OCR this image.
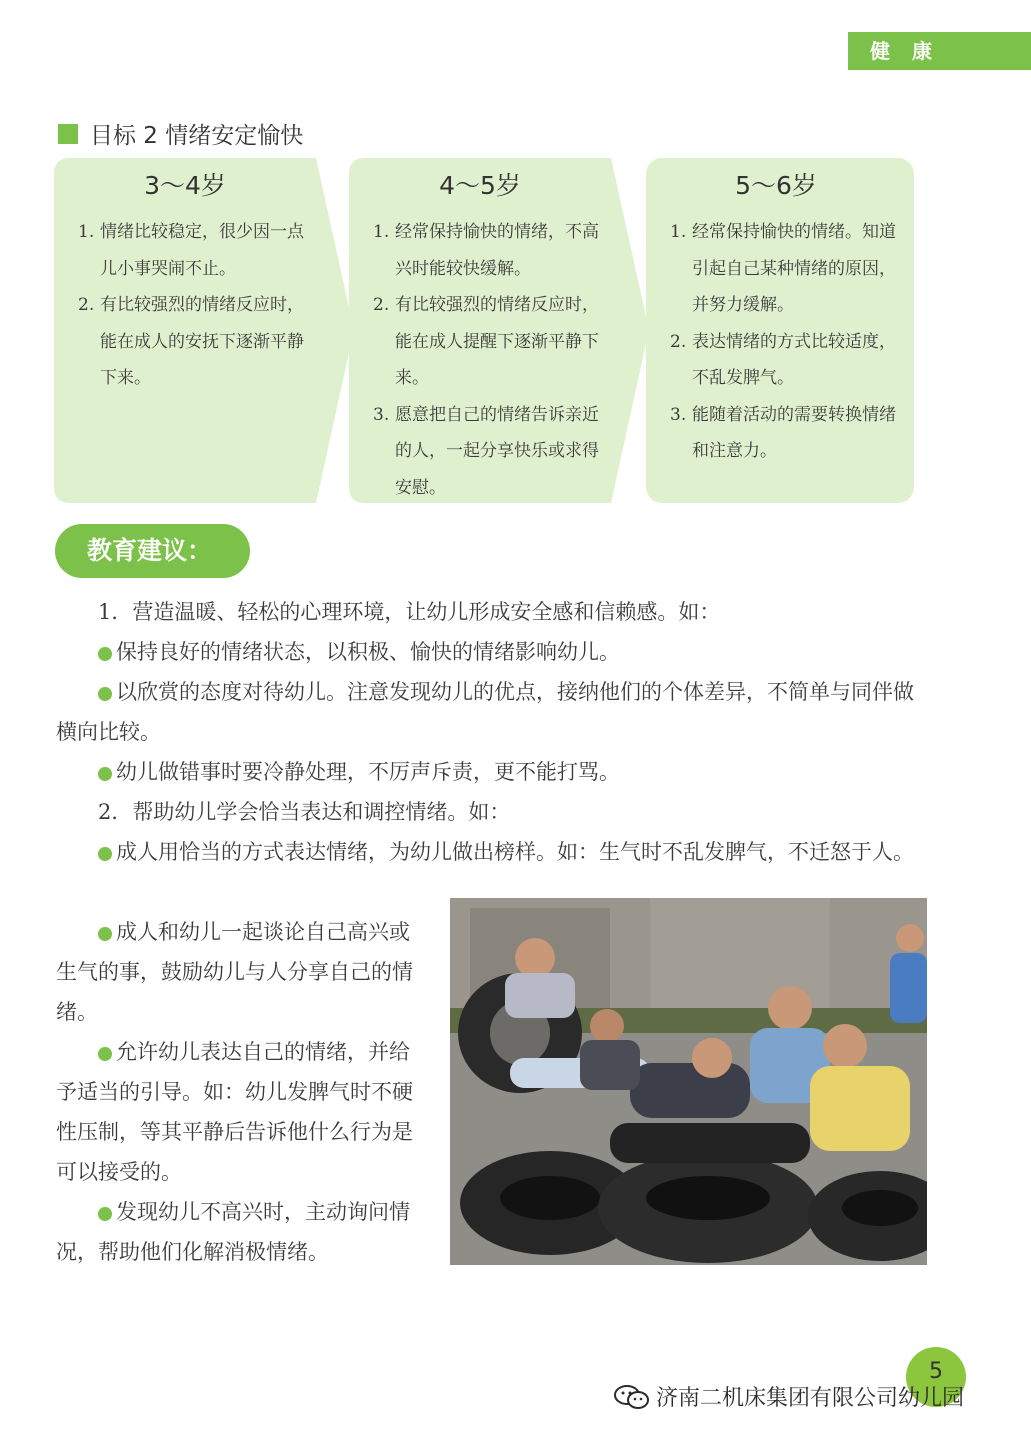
健康
目标 2 情绪安定愉快
3～4岁
1. 情绪比较稳定，很少因一点儿小事哭闹不止。
2. 有比较强烈的情绪反应时，能在成人的安抚下逐渐平静下来。
4～5岁
1. 经常保持愉快的情绪，不高兴时能较快缓解。
2. 有比较强烈的情绪反应时，能在成人提醒下逐渐平静下来。
3. 愿意把自己的情绪告诉亲近的人，一起分享快乐或求得安慰。
5～6岁
1. 经常保持愉快的情绪。知道引起自己某种情绪的原因，并努力缓解。
2. 表达情绪的方式比较适度，不乱发脾气。
3. 能随着活动的需要转换情绪和注意力。
教育建议：

1．营造温暖、轻松的心理环境，让幼儿形成安全感和信赖感。如：

保持良好的情绪状态，以积极、愉快的情绪影响幼儿。

以欣赏的态度对待幼儿。注意发现幼儿的优点，接纳他们的个体差异，不简单与同伴做横向比较。

幼儿做错事时要冷静处理，不厉声斥责，更不能打骂。

2．帮助幼儿学会恰当表达和调控情绪。如：

成人用恰当的方式表达情绪，为幼儿做出榜样。如：生气时不乱发脾气，不迁怒于人。

成人和幼儿一起谈论自己高兴或生气的事，鼓励幼儿与人分享自己的情绪。

允许幼儿表达自己的情绪，并给予适当的引导。如：幼儿发脾气时不硬性压制，等其平静后告诉他什么行为是可以接受的。

发现幼儿不高兴时，主动询问情况，帮助他们化解消极情绪。

5
济南二机床集团有限公司幼儿园
